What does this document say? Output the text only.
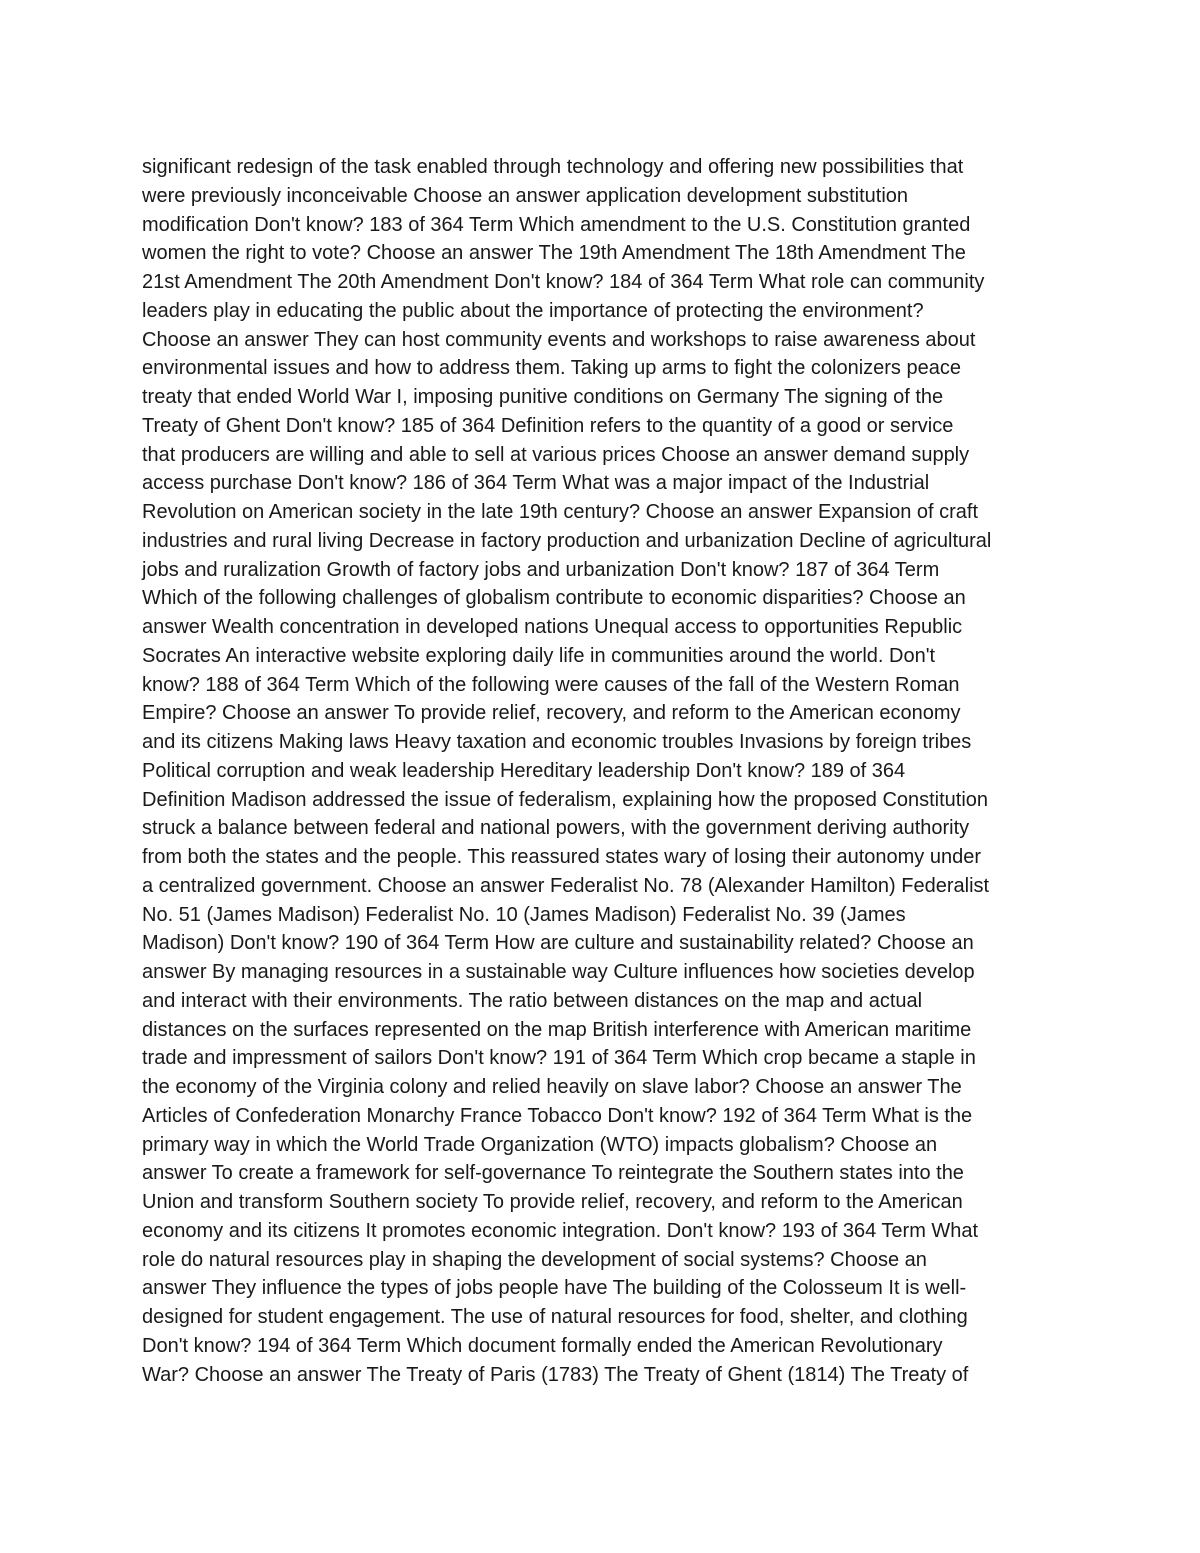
significant redesign of the task enabled through technology and offering new possibilities that
were previously inconceivable Choose an answer application development substitution
modification Don't know? 183 of 364 Term Which amendment to the U.S. Constitution granted
women the right to vote? Choose an answer The 19th Amendment The 18th Amendment The
21st Amendment The 20th Amendment Don't know? 184 of 364 Term What role can community
leaders play in educating the public about the importance of protecting the environment?
Choose an answer They can host community events and workshops to raise awareness about
environmental issues and how to address them. Taking up arms to fight the colonizers peace
treaty that ended World War I, imposing punitive conditions on Germany The signing of the
Treaty of Ghent Don't know? 185 of 364 Definition refers to the quantity of a good or service
that producers are willing and able to sell at various prices Choose an answer demand supply
access purchase Don't know? 186 of 364 Term What was a major impact of the Industrial
Revolution on American society in the late 19th century? Choose an answer Expansion of craft
industries and rural living Decrease in factory production and urbanization Decline of agricultural
jobs and ruralization Growth of factory jobs and urbanization Don't know? 187 of 364 Term
Which of the following challenges of globalism contribute to economic disparities? Choose an
answer Wealth concentration in developed nations Unequal access to opportunities Republic
Socrates An interactive website exploring daily life in communities around the world. Don't
know? 188 of 364 Term Which of the following were causes of the fall of the Western Roman
Empire? Choose an answer To provide relief, recovery, and reform to the American economy
and its citizens Making laws Heavy taxation and economic troubles Invasions by foreign tribes
Political corruption and weak leadership Hereditary leadership Don't know? 189 of 364
Definition Madison addressed the issue of federalism, explaining how the proposed Constitution
struck a balance between federal and national powers, with the government deriving authority
from both the states and the people. This reassured states wary of losing their autonomy under
a centralized government. Choose an answer Federalist No. 78 (Alexander Hamilton) Federalist
No. 51 (James Madison) Federalist No. 10 (James Madison) Federalist No. 39 (James
Madison) Don't know? 190 of 364 Term How are culture and sustainability related? Choose an
answer By managing resources in a sustainable way Culture influences how societies develop
and interact with their environments. The ratio between distances on the map and actual
distances on the surfaces represented on the map British interference with American maritime
trade and impressment of sailors Don't know? 191 of 364 Term Which crop became a staple in
the economy of the Virginia colony and relied heavily on slave labor? Choose an answer The
Articles of Confederation Monarchy France Tobacco Don't know? 192 of 364 Term What is the
primary way in which the World Trade Organization (WTO) impacts globalism? Choose an
answer To create a framework for self-governance To reintegrate the Southern states into the
Union and transform Southern society To provide relief, recovery, and reform to the American
economy and its citizens It promotes economic integration. Don't know? 193 of 364 Term What
role do natural resources play in shaping the development of social systems? Choose an
answer They influence the types of jobs people have The building of the Colosseum It is well-
designed for student engagement. The use of natural resources for food, shelter, and clothing
Don't know? 194 of 364 Term Which document formally ended the American Revolutionary
War? Choose an answer The Treaty of Paris (1783) The Treaty of Ghent (1814) The Treaty of
